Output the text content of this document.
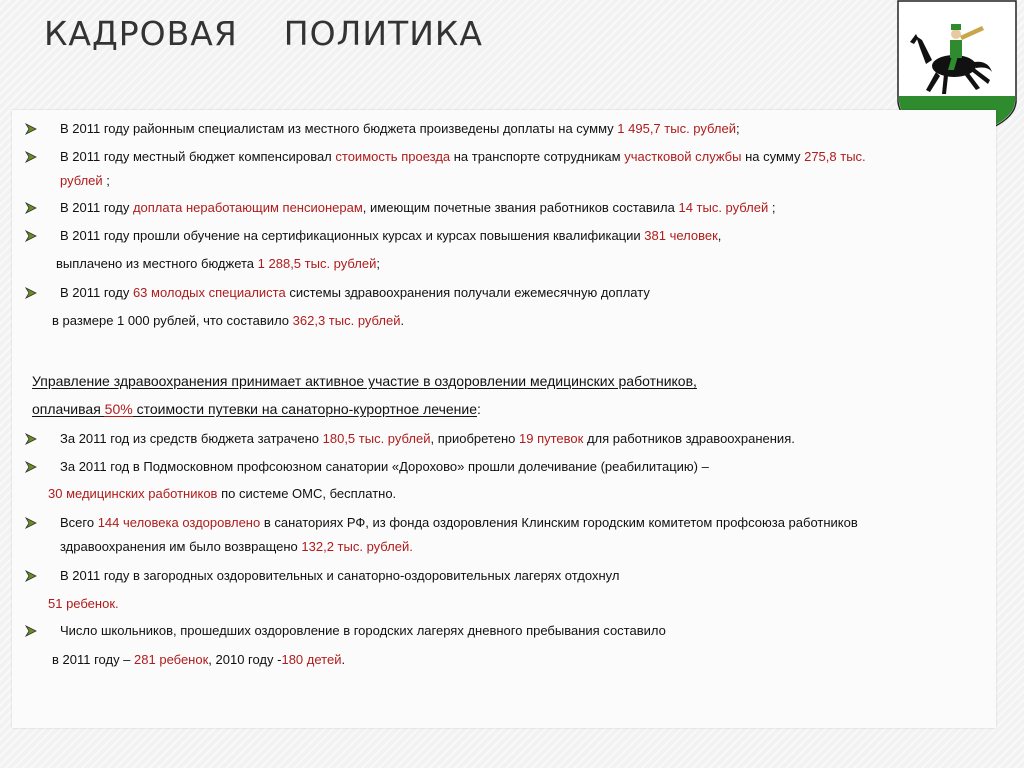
КАДРОВАЯ    ПОЛИТИКА
В 2011 году районным специалистам из местного бюджета произведены доплаты на сумму 1 495,7 тыс. рублей;
В 2011 году местный бюджет компенсировал стоимость проезда на транспорте сотрудникам участковой службы на сумму 275,8 тыс.
рублей ;
В 2011 году доплата неработающим пенсионерам, имеющим почетные звания работников составила 14 тыс. рублей ;
В 2011 году прошли обучение на сертификационных курсах и курсах повышения квалификации 381 человек,
выплачено из местного бюджета 1 288,5 тыс. рублей;
В 2011 году 63 молодых специалиста системы здравоохранения получали ежемесячную доплату
в размере 1 000 рублей, что составило 362,3 тыс. рублей.
Управление здравоохранения принимает активное участие в оздоровлении медицинских работников,
оплачивая 50% стоимости путевки на санаторно-курортное лечение:
За 2011 год из средств бюджета затрачено 180,5 тыс. рублей, приобретено 19 путевок для работников здравоохранения.
За 2011 год в Подмосковном профсоюзном санатории «Дорохово» прошли долечивание (реабилитацию) –
30 медицинских работников по системе ОМС, бесплатно.
Всего 144 человека оздоровлено в санаториях РФ, из фонда оздоровления Клинским городским комитетом профсоюза работников
здравоохранения им было возвращено 132,2 тыс. рублей.
В 2011 году в загородных оздоровительных и санаторно-оздоровительных лагерях отдохнул
51 ребенок.
Число школьников, прошедших оздоровление в городских лагерях дневного пребывания составило
в 2011 году – 281 ребенок, 2010 году -180 детей.
